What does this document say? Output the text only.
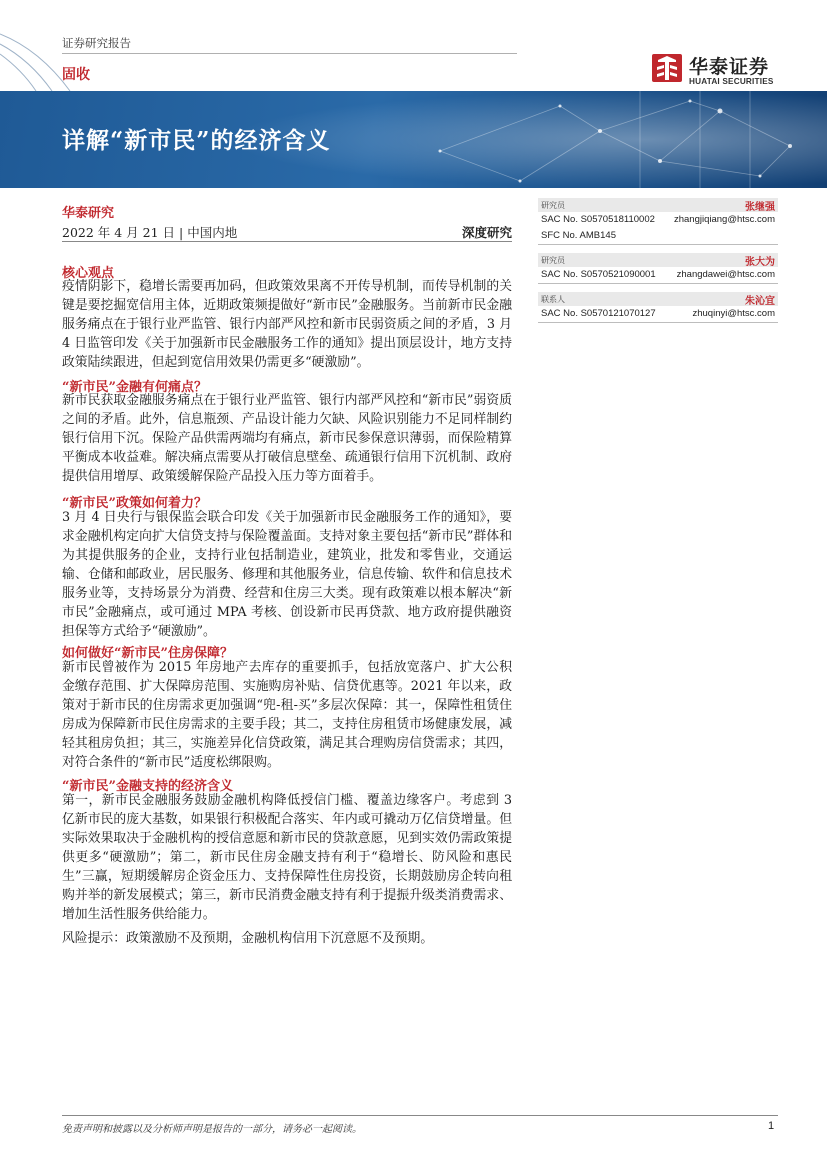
证券研究报告
固收	华泰证券
HUATAI SECURITIES
详解“新市民”的经济含义
华泰研究
2022 年 4 月 21 日 | 中国内地	深度研究
核心观点
疫情阴影下，稳增长需要再加码，但政策效果离不开传导机制，而传导机制的关键是要挖掘宽信用主体，近期政策频提做好“新市民”金融服务。当前新市民金融服务痛点在于银行业严监管、银行内部严风控和新市民弱资质之间的矛盾，3 月 4 日监管印发《关于加强新市民金融服务工作的通知》提出顶层设计，地方支持政策陆续跟进，但起到宽信用效果仍需更多“硬激励”。
“新市民”金融有何痛点？
新市民获取金融服务痛点在于银行业严监管、银行内部严风控和“新市民”弱资质之间的矛盾。此外，信息瓶颈、产品设计能力欠缺、风险识别能力不足同样制约银行信用下沉。保险产品供需两端均有痛点，新市民参保意识薄弱，而保险精算平衡成本收益难。解决痛点需要从打破信息壁垒、疏通银行信用下沉机制、政府提供信用增厚、政策缓解保险产品投入压力等方面着手。
“新市民”政策如何着力？
3 月 4 日央行与银保监会联合印发《关于加强新市民金融服务工作的通知》，要求金融机构定向扩大信贷支持与保险覆盖面。支持对象主要包括“新市民”群体和为其提供服务的企业，支持行业包括制造业，建筑业，批发和零售业，交通运输、仓储和邮政业，居民服务、修理和其他服务业，信息传输、软件和信息技术服务业等，支持场景分为消费、经营和住房三大类。现有政策难以根本解决“新市民”金融痛点，或可通过 MPA 考核、创设新市民再贷款、地方政府提供融资担保等方式给予“硬激励”。
如何做好“新市民”住房保障？
新市民曾被作为 2015 年房地产去库存的重要抓手，包括放宽落户、扩大公积金缴存范围、扩大保障房范围、实施购房补贴、信贷优惠等。2021 年以来，政策对于新市民的住房需求更加强调“兜-租-买”多层次保障：其一，保障性租赁住房成为保障新市民住房需求的主要手段；其二，支持住房租赁市场健康发展，减轻其租房负担；其三，实施差异化信贷政策，满足其合理购房信贷需求；其四，对符合条件的“新市民”适度松绑限购。
“新市民”金融支持的经济含义
第一，新市民金融服务鼓励金融机构降低授信门槛、覆盖边缘客户。考虑到 3 亿新市民的庞大基数，如果银行积极配合落实、年内或可撬动万亿信贷增量。但实际效果取决于金融机构的授信意愿和新市民的贷款意愿，见到实效仍需政策提供更多“硬激励”；第二，新市民住房金融支持有利于“稳增长、防风险和惠民生”三赢，短期缓解房企资金压力、支持保障性住房投资，长期鼓励房企转向租购并举的新发展模式；第三，新市民消费金融支持有利于提振升级类消费需求、增加生活性服务供给能力。
风险提示：政策激励不及预期，金融机构信用下沉意愿不及预期。
研究员	张继强
SAC No. S0570518110002 zhangjiqiang@htsc.com
SFC No. AMB145
研究员	张大为
SAC No. S0570521090001 zhangdawei@htsc.com
联系人	朱沁宜
SAC No. S0570121070127	zhuqinyi@htsc.com
免责声明和披露以及分析师声明是报告的一部分，请务必一起阅读。	1
